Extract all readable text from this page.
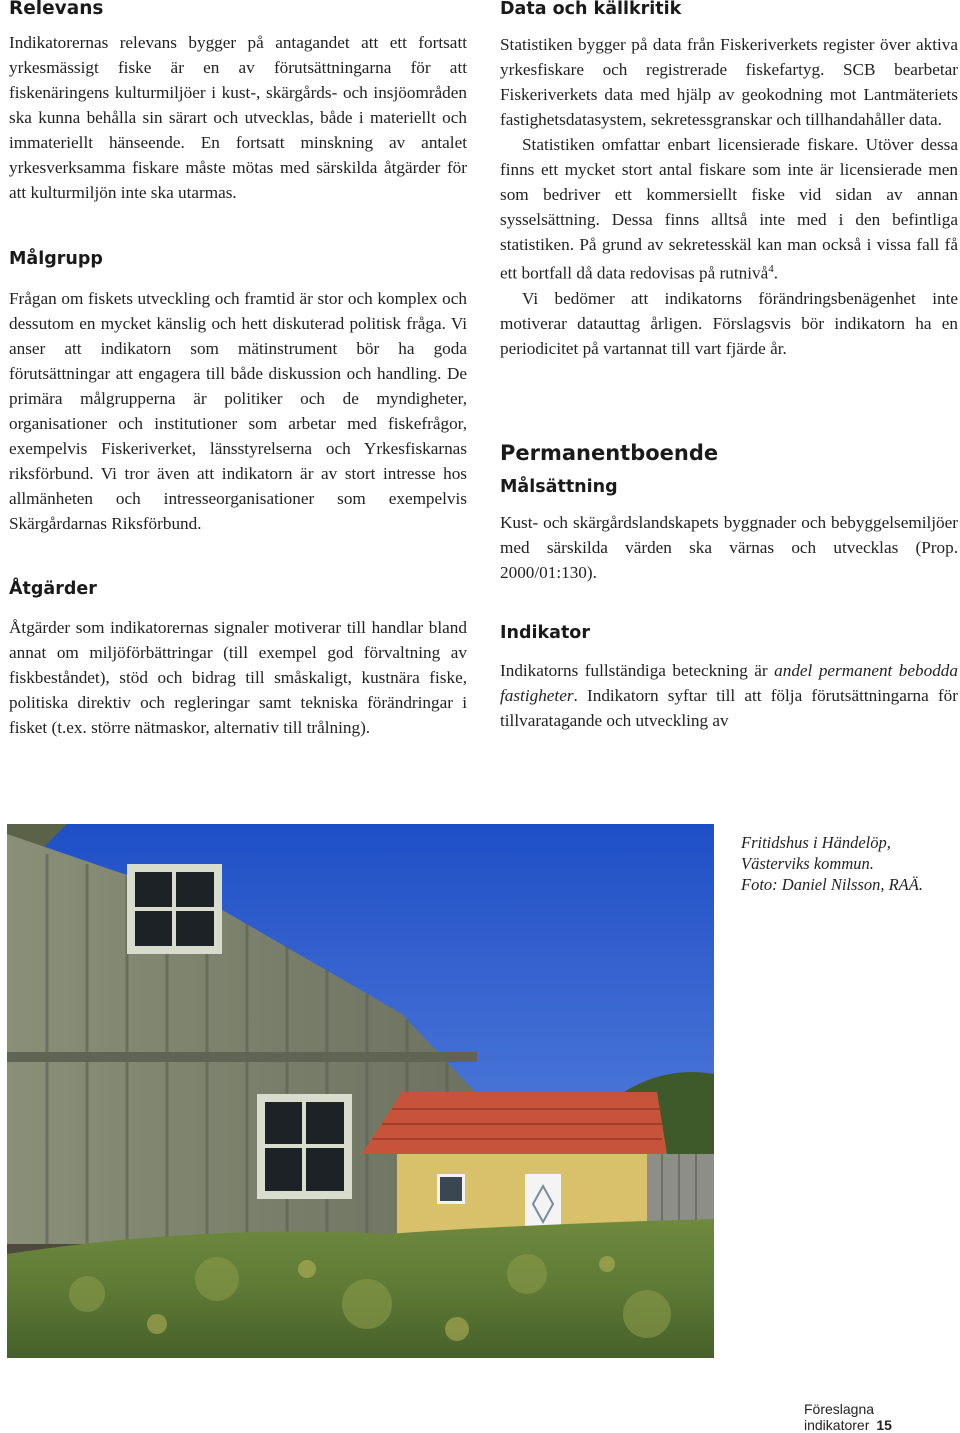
Relevans

Indikatorernas relevans bygger på antagandet att ett fortsatt yrkesmässigt fiske är en av förutsättningarna för att fiskenäringens kulturmiljöer i kust-, skärgårds- och insjöområden ska kunna behålla sin särart och utvecklas, både i materiellt och immateriellt hänseende. En fortsatt minskning av antalet yrkesverksamma fiskare måste mötas med särskilda åtgärder för att kulturmiljön inte ska utarmas.

Målgrupp

Frågan om fiskets utveckling och framtid är stor och komplex och dessutom en mycket känslig och hett diskuterad politisk fråga. Vi anser att indikatorn som mätinstrument bör ha goda förutsättningar att engagera till både diskussion och handling. De primära målgrupperna är politiker och de myndigheter, organisationer och institutioner som arbetar med fiskefrågor, exempelvis Fiskeriverket, länsstyrelserna och Yrkesfiskarnas riksförbund. Vi tror även att indikatorn är av stort intresse hos allmänheten och intresseorganisationer som exempelvis Skärgårdarnas Riksförbund.

Åtgärder

Åtgärder som indikatorernas signaler motiverar till handlar bland annat om miljöförbättringar (till exempel god förvaltning av fiskbeståndet), stöd och bidrag till småskaligt, kustnära fiske, politiska direktiv och regleringar samt tekniska förändringar i fisket (t.ex. större nätmaskor, alternativ till trålning).

Data och källkritik

Statistiken bygger på data från Fiskeriverkets register över aktiva yrkesfiskare och registrerade fiskefartyg. SCB bearbetar Fiskeriverkets data med hjälp av geokodning mot Lantmäteriets fastighetsdatasystem, sekretessgranskar och tillhandahåller data.

Statistiken omfattar enbart licensierade fiskare. Utöver dessa finns ett mycket stort antal fiskare som inte är licensierade men som bedriver ett kommersiellt fiske vid sidan av annan sysselsättning. Dessa finns alltså inte med i den befintliga statistiken. På grund av sekretesskäl kan man också i vissa fall få ett bortfall då data redovisas på rutnivå$^4$.

Vi bedömer att indikatorns förändringsbenägenhet inte motiverar datauttag årligen. Förslagsvis bör indikatorn ha en periodicitet på vartannat till vart fjärde år.

Permanentboende
Målsättning

Kust- och skärgårdslandskapets byggnader och bebyggelsemiljöer med särskilda värden ska värnas och utvecklas (Prop. 2000/01:130).

Indikator

Indikatorns fullständiga beteckning är andel permanent bebodda fastigheter. Indikatorn syftar till att följa förutsättningarna för tillvaratagande och utveckling av

Fritidshus i Händelöp,
Västerviks kommun.
Foto: Daniel Nilsson, RAÄ.
Föreslagna indikatorer 15
